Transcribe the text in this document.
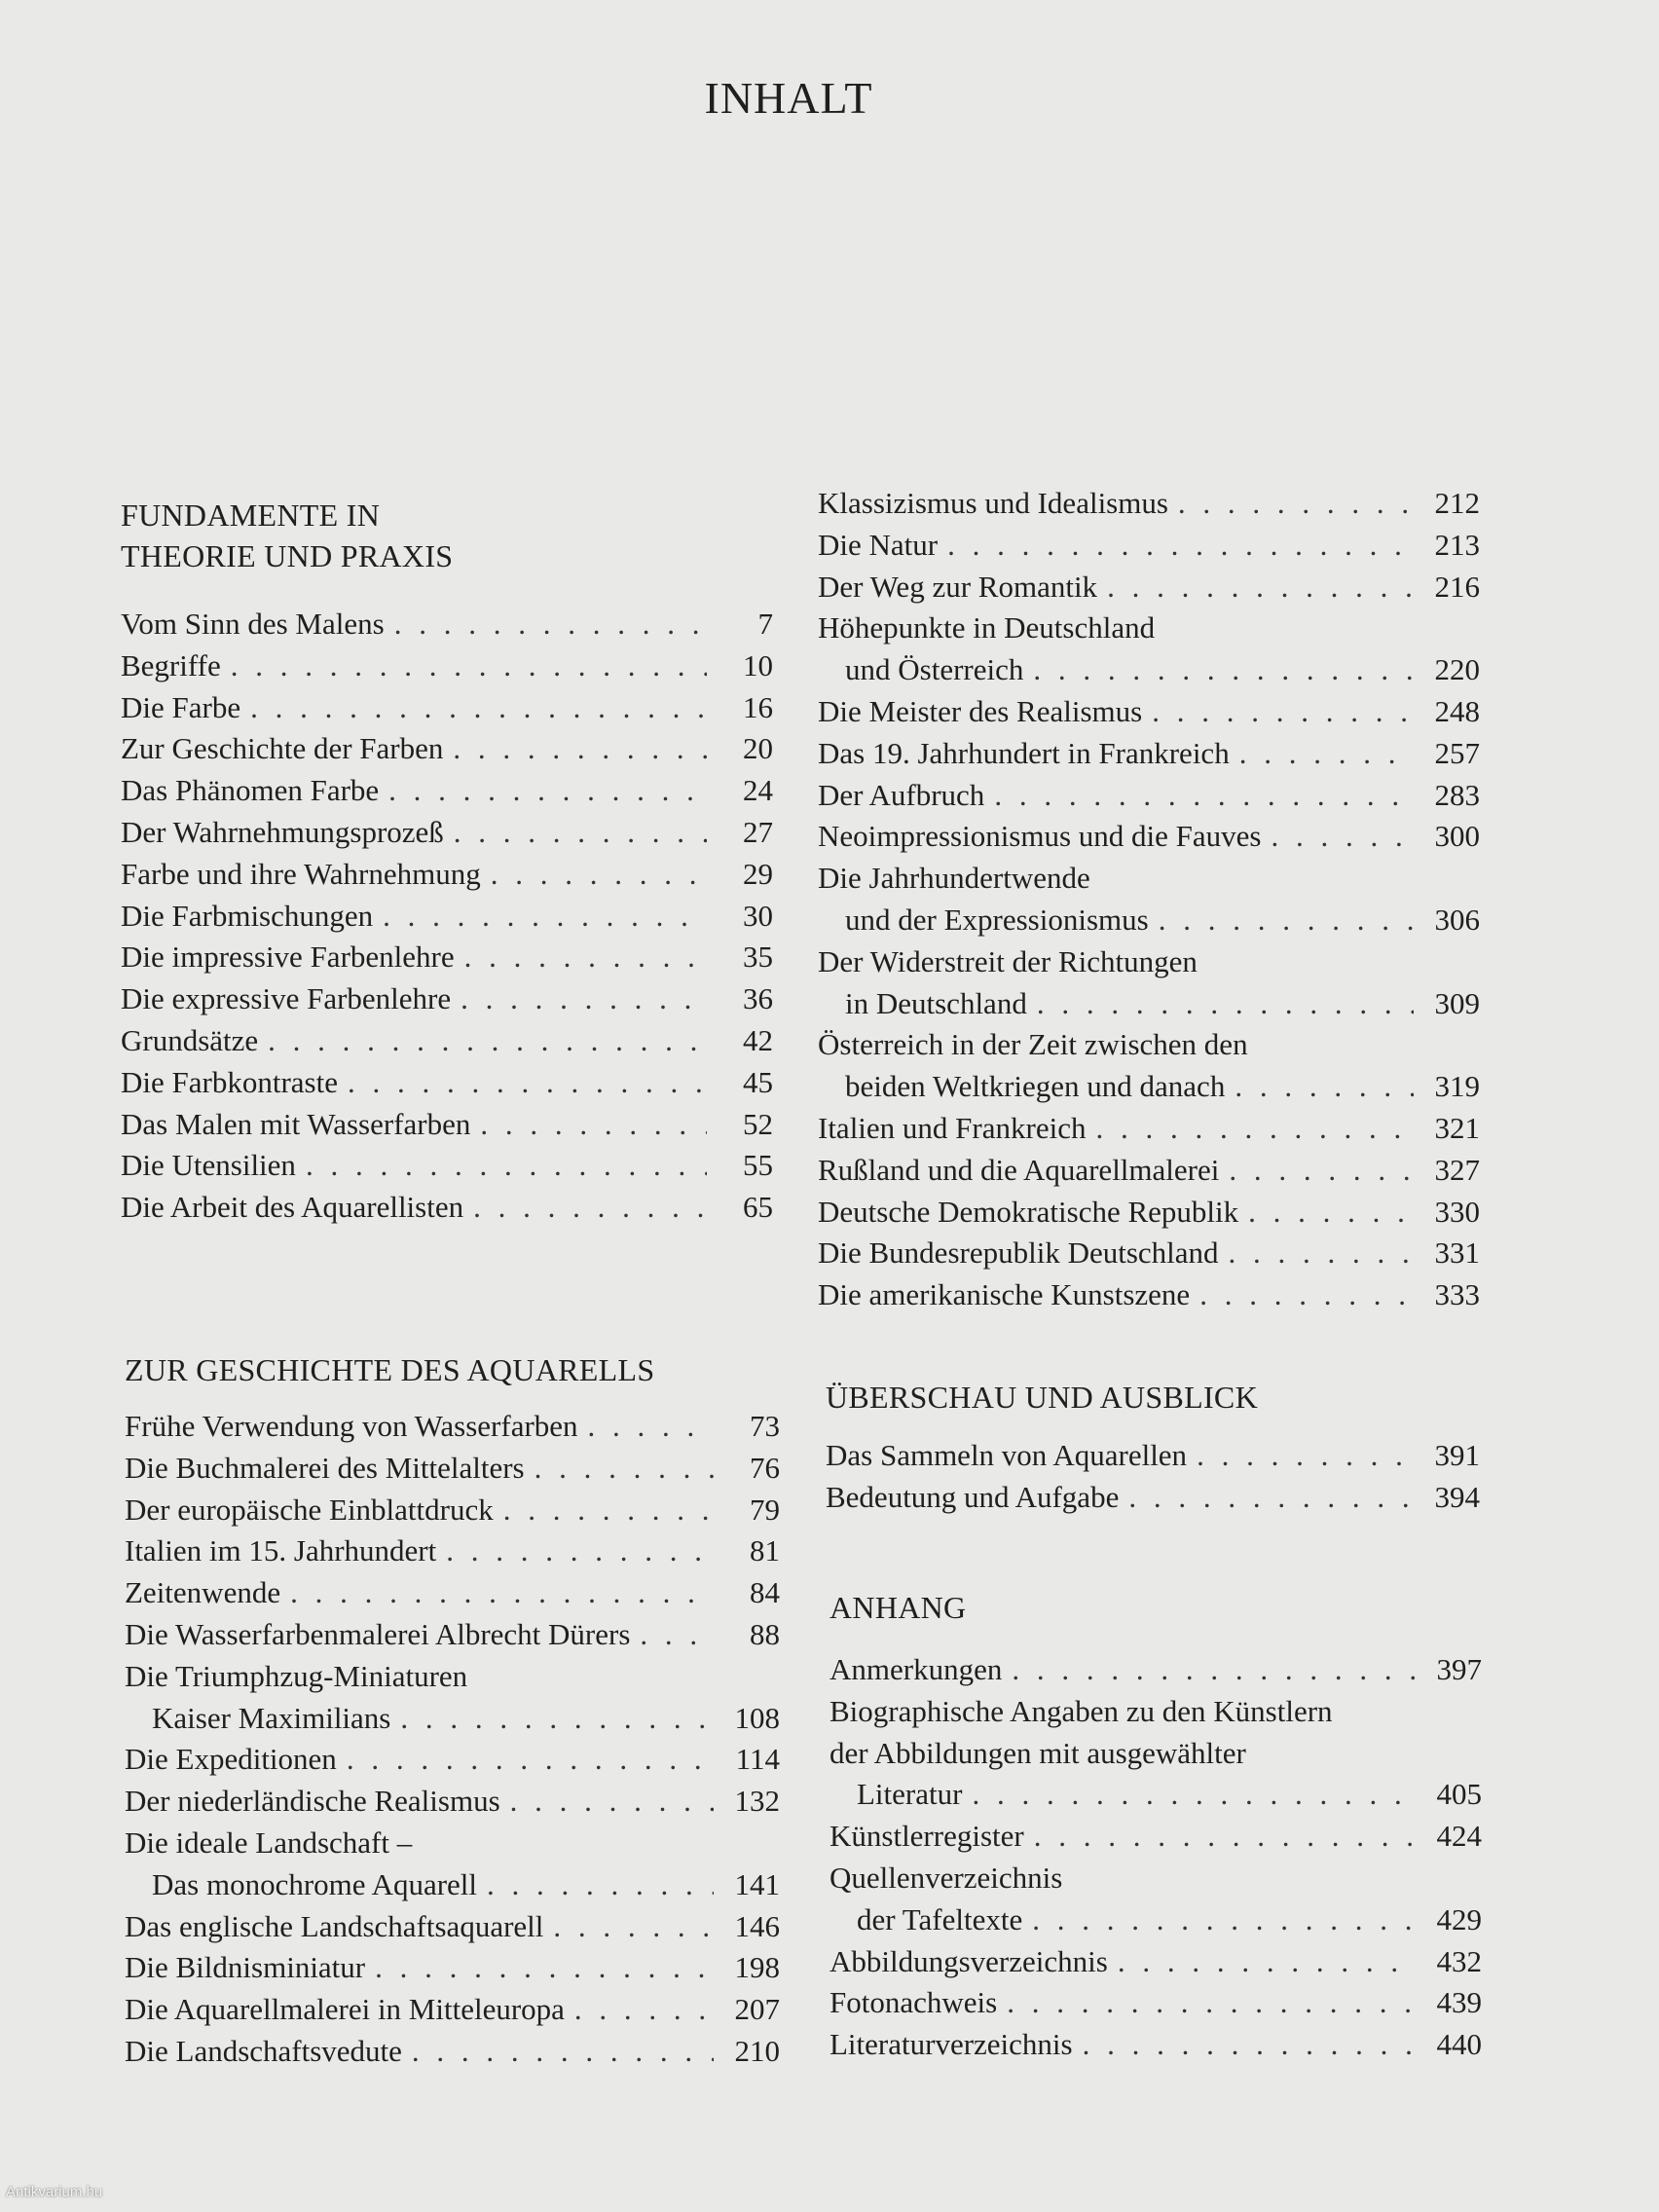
INHALT
FUNDAMENTE IN
THEORIE UND PRAXIS
Vom Sinn des Malens . . .	7
Begriffe . . .	10
Die Farbe . . .	16
Zur Geschichte der Farben . . .	20
Das Phänomen Farbe . . .	24
Der Wahrnehmungsprozeß . . .	27
Farbe und ihre Wahrnehmung . . .	29
Die Farbmischungen . . .	30
Die impressive Farbenlehre . . .	35
Die expressive Farbenlehre . . .	36
Grundsätze . . .	42
Die Farbkontraste . . .	45
Das Malen mit Wasserfarben . . .	52
Die Utensilien . . .	55
Die Arbeit des Aquarellisten . . .	65
ZUR GESCHICHTE DES AQUARELLS
Frühe Verwendung von Wasserfarben . . .	73
Die Buchmalerei des Mittelalters . . .	76
Der europäische Einblattdruck . . .	79
Italien im 15. Jahrhundert . . .	81
Zeitenwende . . .	84
Die Wasserfarbenmalerei Albrecht Dürers . . .	88
Die Triumphzug-Miniaturen
Kaiser Maximilians . . .	108
Die Expeditionen . . .	114
Der niederländische Realismus . . .	132
Die ideale Landschaft –
Das monochrome Aquarell . . .	141
Das englische Landschaftsaquarell . . .	146
Die Bildnisminiatur . . .	198
Die Aquarellmalerei in Mitteleuropa . . .	207
Die Landschaftsvedute . . .	210
Klassizismus und Idealismus . . .	212
Die Natur . . .	213
Der Weg zur Romantik . . .	216
Höhepunkte in Deutschland
und Österreich . . .	220
Die Meister des Realismus . . .	248
Das 19. Jahrhundert in Frankreich . . .	257
Der Aufbruch . . .	283
Neoimpressionismus und die Fauves . . .	300
Die Jahrhundertwende
und der Expressionismus . . .	306
Der Widerstreit der Richtungen
in Deutschland . . .	309
Österreich in der Zeit zwischen den
beiden Weltkriegen und danach . . .	319
Italien und Frankreich . . .	321
Rußland und die Aquarellmalerei . . .	327
Deutsche Demokratische Republik . . .	330
Die Bundesrepublik Deutschland . . .	331
Die amerikanische Kunstszene . . .	333
ÜBERSCHAU UND AUSBLICK
Das Sammeln von Aquarellen . . .	391
Bedeutung und Aufgabe . . .	394
ANHANG
Anmerkungen . . .	397
Biographische Angaben zu den Künstlern
der Abbildungen mit ausgewählter
Literatur . . .	405
Künstlerregister . . .	424
Quellenverzeichnis
der Tafeltexte . . .	429
Abbildungsverzeichnis . . .	432
Fotonachweis . . .	439
Literaturverzeichnis . . .	440
Antikvarium.hu
